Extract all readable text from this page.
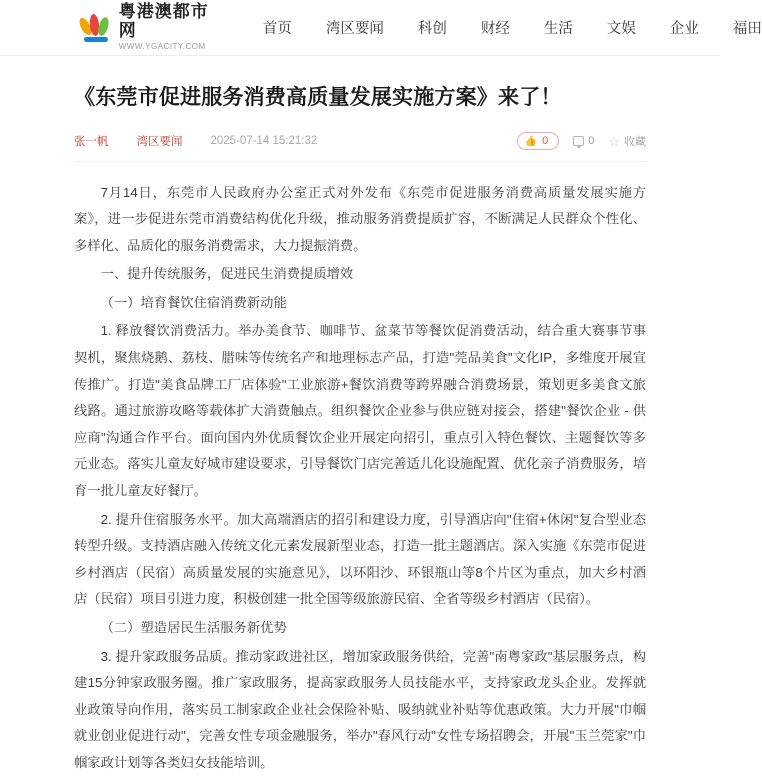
粤港澳都市网
WWW.YGACITY.COM
首页 湾区要闻 科创 财经 生活 文娱 企业 福田
《东莞市促进服务消费高质量发展实施方案》来了！
张一帆 湾区要闻 2025-07-14 15:21:32	👍 0	0 ☆ 收藏

7月14日，东莞市人民政府办公室正式对外发布《东莞市促进服务消费高质量发展实施方案》，进一步促进东莞市消费结构优化升级，推动服务消费提质扩容，不断满足人民群众个性化、多样化、品质化的服务消费需求，大力提振消费。

一、提升传统服务，促进民生消费提质增效

（一）培育餐饮住宿消费新动能

1. 释放餐饮消费活力。举办美食节、咖啡节、盆菜节等餐饮促消费活动，结合重大赛事节事契机，聚焦烧鹅、荔枝、腊味等传统名产和地理标志产品，打造"莞品美食"文化IP，多维度开展宣传推广。打造"美食品牌工厂店体验"工业旅游+餐饮消费等跨界融合消费场景，策划更多美食文旅线路。通过旅游攻略等载体扩大消费触点。组织餐饮企业参与供应链对接会，搭建"餐饮企业 - 供应商"沟通合作平台。面向国内外优质餐饮企业开展定向招引，重点引入特色餐饮、主题餐饮等多元业态。落实儿童友好城市建设要求，引导餐饮门店完善适儿化设施配置、优化亲子消费服务，培育一批儿童友好餐厅。

2. 提升住宿服务水平。加大高端酒店的招引和建设力度，引导酒店向"住宿+休闲"复合型业态转型升级。支持酒店融入传统文化元素发展新型业态，打造一批主题酒店。深入实施《东莞市促进乡村酒店（民宿）高质量发展的实施意见》，以环阳沙、环银瓶山等8个片区为重点，加大乡村酒店（民宿）项目引进力度，积极创建一批全国等级旅游民宿、全省等级乡村酒店（民宿）。

（二）塑造居民生活服务新优势

3. 提升家政服务品质。推动家政进社区，增加家政服务供给，完善"南粤家政"基层服务点，构建15分钟家政服务圈。推广家政服务，提高家政服务人员技能水平，支持家政龙头企业。发挥就业政策导向作用，落实员工制家政企业社会保险补贴、吸纳就业补贴等优惠政策。大力开展"巾帼就业创业促进行动"，完善女性专项金融服务，举办"春风行动"女性专场招聘会，开展"玉兰莞家"巾帼家政计划等各类妇女技能培训。
